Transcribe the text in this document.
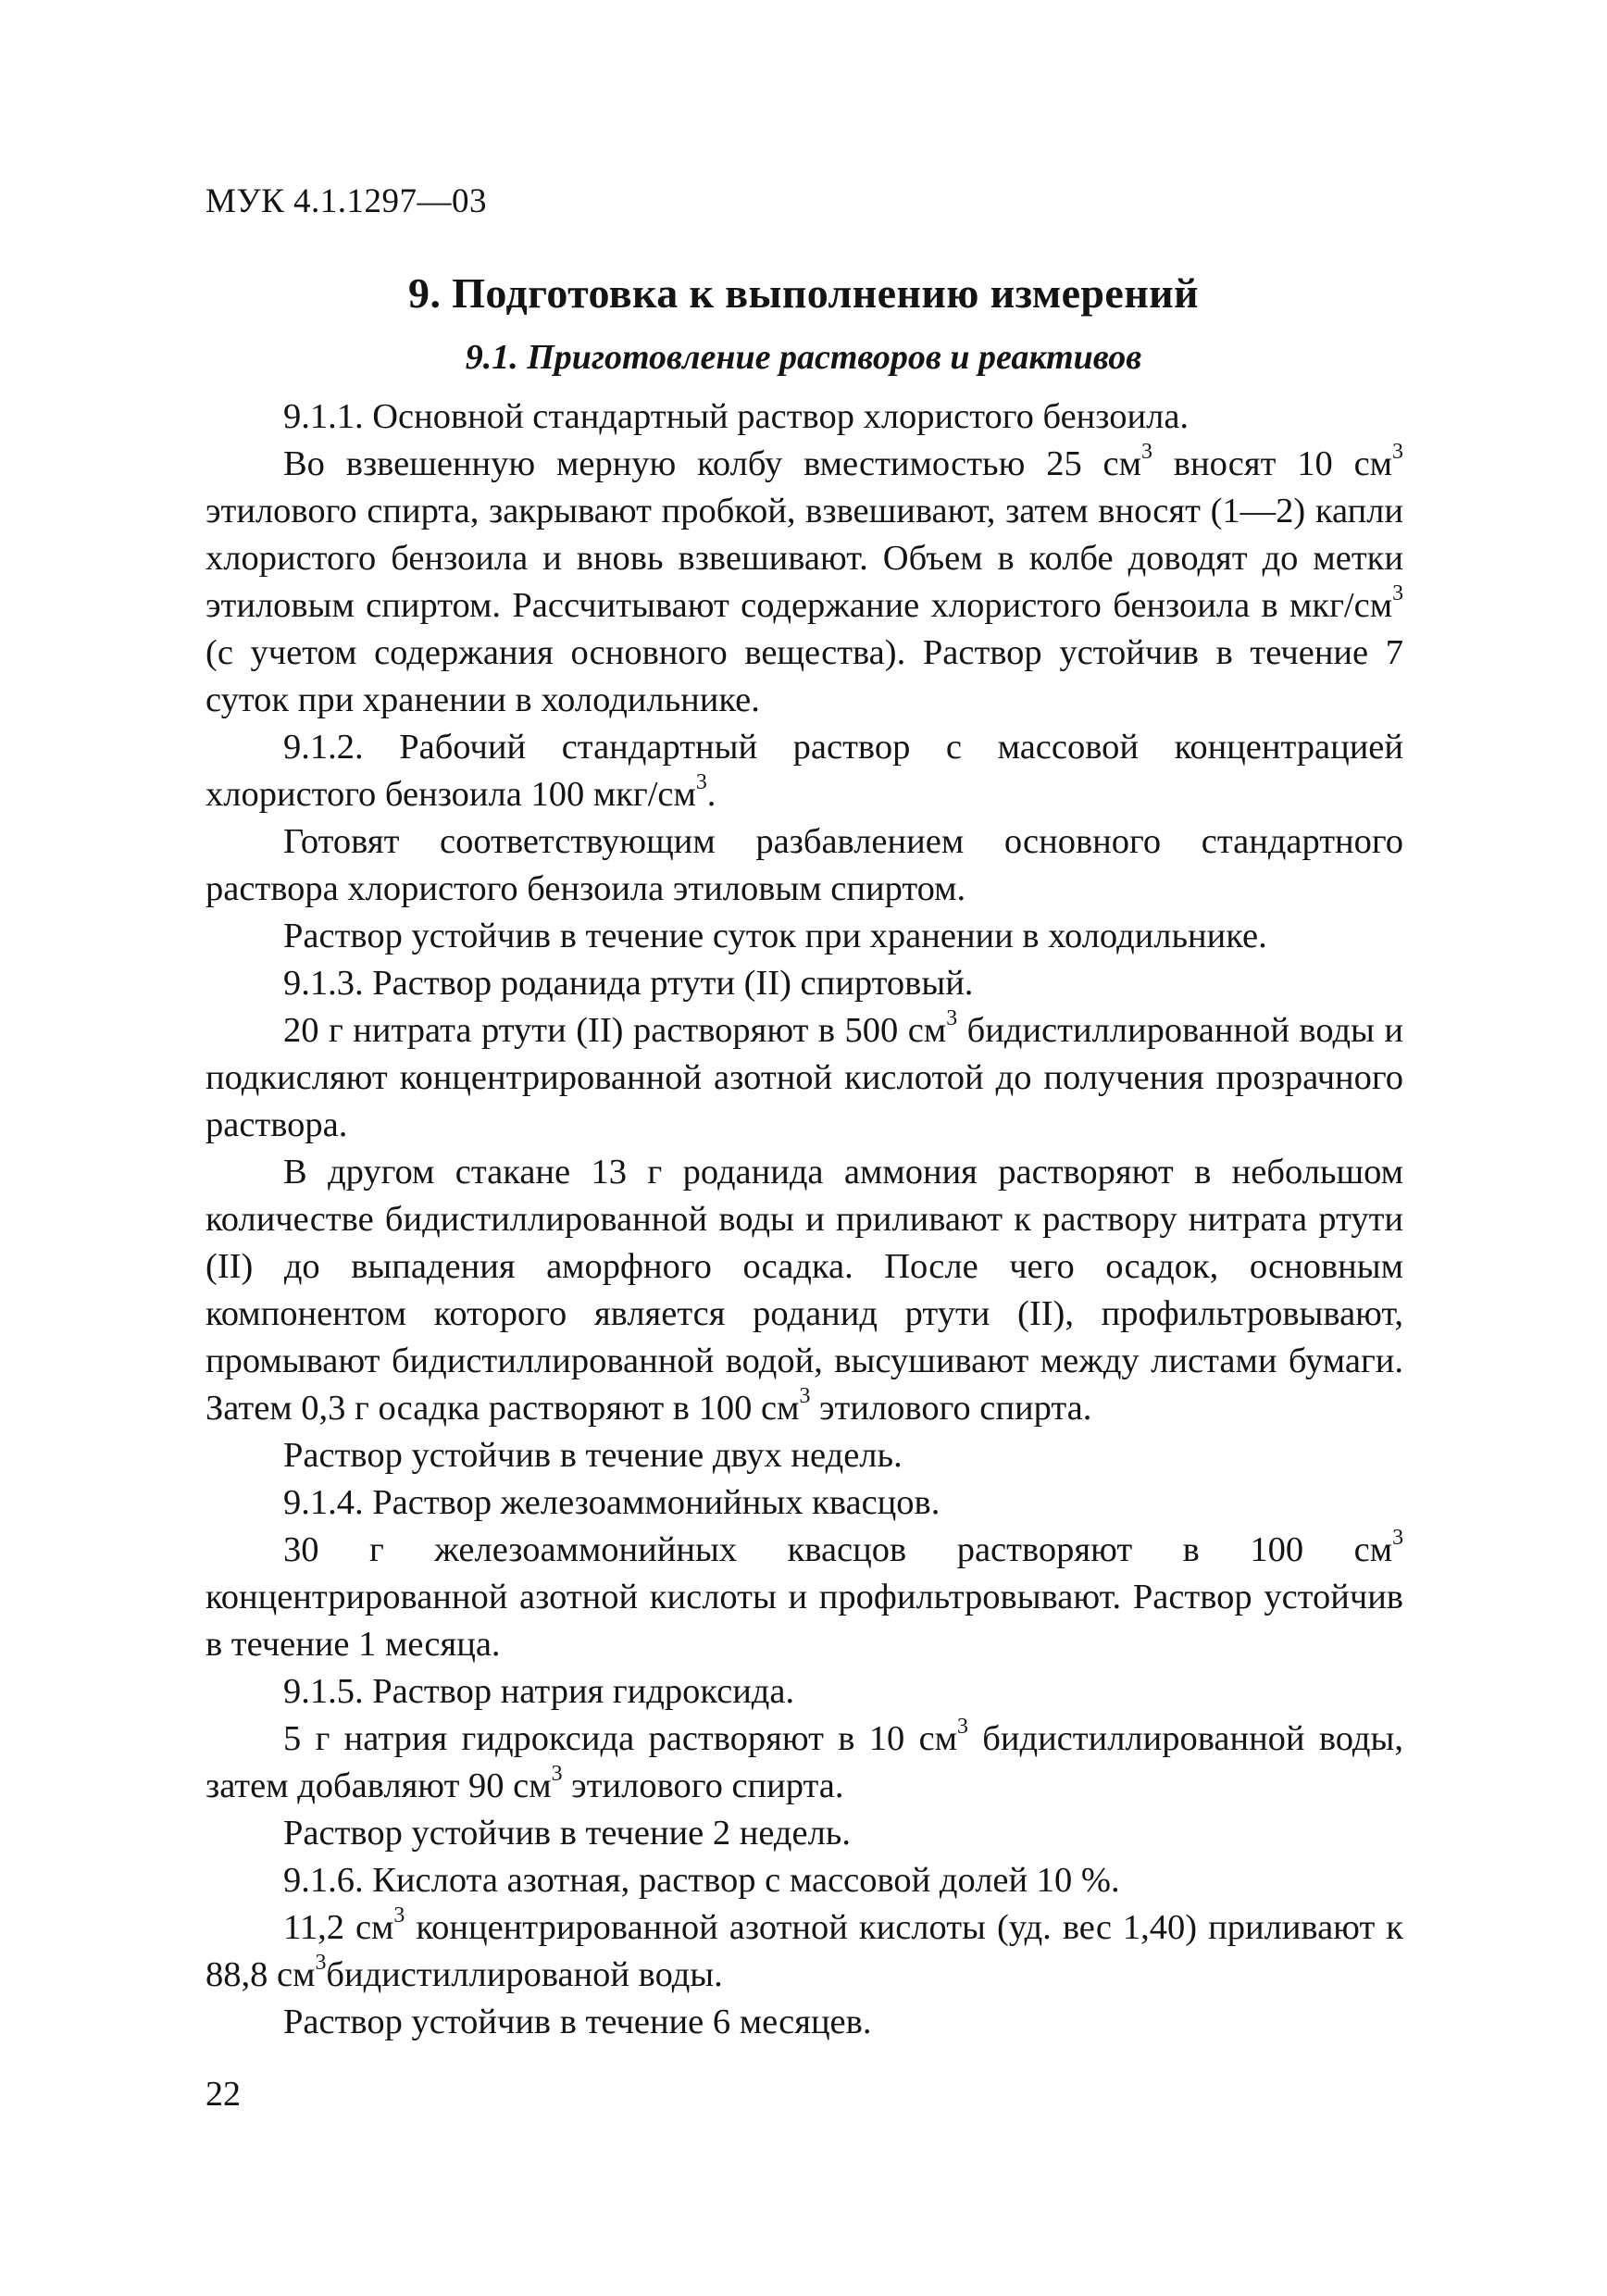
МУК 4.1.1297—03
9. Подготовка к выполнению измерений
9.1. Приготовление растворов и реактивов

9.1.1. Основной стандартный раствор хлористого бензоила.

Во взвешенную мерную колбу вместимостью 25 $см^3$ вносят 10 $см^3$ этилового спирта, закрывают пробкой, взвешивают, затем вносят (1—2) капли хлористого бензоила и вновь взвешивают. Объем в колбе доводят до метки этиловым спиртом. Рассчитывают содержание хлористого бензоила в мкг/$см^3$ (с учетом содержания основного вещества). Раствор устойчив в течение 7 суток при хранении в холодильнике.

9.1.2. Рабочий стандартный раствор с массовой концентрацией хлористого бензоила 100 мкг/$см^3$.

Готовят соответствующим разбавлением основного стандартного раствора хлористого бензоила этиловым спиртом.

Раствор устойчив в течение суток при хранении в холодильнике.

9.1.3. Раствор роданида ртути (II) спиртовый.

20 г нитрата ртути (II) растворяют в 500 $см^3$ бидистиллированной воды и подкисляют концентрированной азотной кислотой до получения прозрачного раствора.

В другом стакане 13 г роданида аммония растворяют в небольшом количестве бидистиллированной воды и приливают к раствору нитрата ртути (II) до выпадения аморфного осадка. После чего осадок, основным компонентом которого является роданид ртути (II), профильтровывают, промывают бидистиллированной водой, высушивают между листами бумаги. Затем 0,3 г осадка растворяют в 100 $см^3$ этилового спирта.

Раствор устойчив в течение двух недель.

9.1.4. Раствор железоаммонийных квасцов.

30 г железоаммонийных квасцов растворяют в 100 $см^3$ концентрированной азотной кислоты и профильтровывают. Раствор устойчив в течение 1 месяца.

9.1.5. Раствор натрия гидроксида.

5 г натрия гидроксида растворяют в 10 $см^3$ бидистиллированной воды, затем добавляют 90 $см^3$ этилового спирта.

Раствор устойчив в течение 2 недель.

9.1.6. Кислота азотная, раствор с массовой долей 10 %.

11,2 $см^3$ концентрированной азотной кислоты (уд. вес 1,40) приливают к 88,8 $см^3бидистиллированой$ воды.

Раствор устойчив в течение 6 месяцев.

22
